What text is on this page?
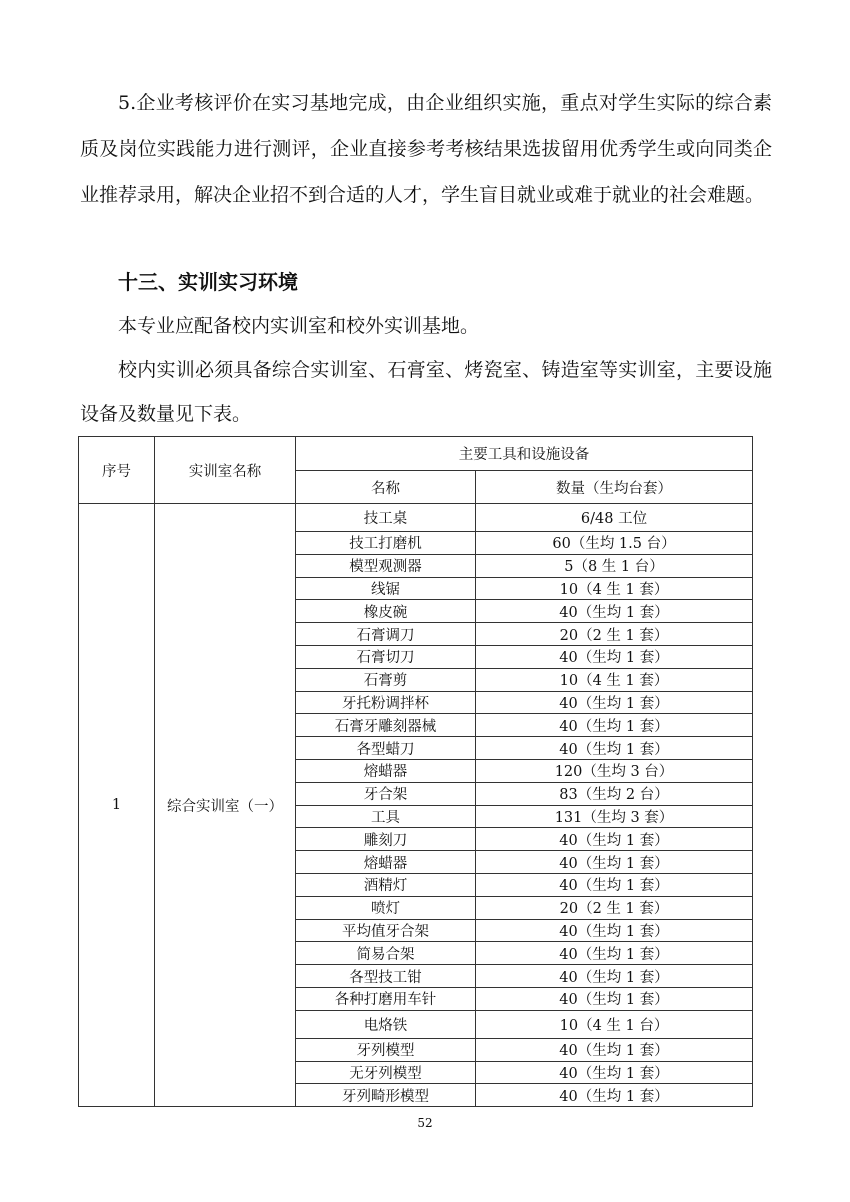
5.企业考核评价在实习基地完成，由企业组织实施，重点对学生实际的综合素质及岗位实践能力进行测评，企业直接参考考核结果选拔留用优秀学生或向同类企业推荐录用，解决企业招不到合适的人才，学生盲目就业或难于就业的社会难题。

十三、实训实习环境

本专业应配备校内实训室和校外实训基地。

校内实训必须具备综合实训室、石膏室、烤瓷室、铸造室等实训室，主要设施设备及数量见下表。

序号	实训室名称	主要工具和设施设备	
		名称	数量（生均台套）
1	综合实训室（一）	技工桌	6/48 工位
		技工打磨机	60（生均 1.5 台）
		模型观测器	5（8 生 1 台）
		线锯	10（4 生 1 套）
		橡皮碗	40（生均 1 套）
		石膏调刀	20（2 生 1 套）
		石膏切刀	40（生均 1 套）
		石膏剪	10（4 生 1 套）
		牙托粉调拌杯	40（生均 1 套）
		石膏牙雕刻器械	40（生均 1 套）
		各型蜡刀	40（生均 1 套）
		熔蜡器	120（生均 3 台）
		牙合架	83（生均 2 台）
		工具	131（生均 3 套）
		雕刻刀	40（生均 1 套）
		熔蜡器	40（生均 1 套）
		酒精灯	40（生均 1 套）
		喷灯	20（2 生 1 套）
		平均值牙合架	40（生均 1 套）
		简易合架	40（生均 1 套）
		各型技工钳	40（生均 1 套）
		各种打磨用车针	40（生均 1 套）
		电烙铁	10（4 生 1 台）
		牙列模型	40（生均 1 套）
		无牙列模型	40（生均 1 套）
		牙列畸形模型	40（生均 1 套）
52
